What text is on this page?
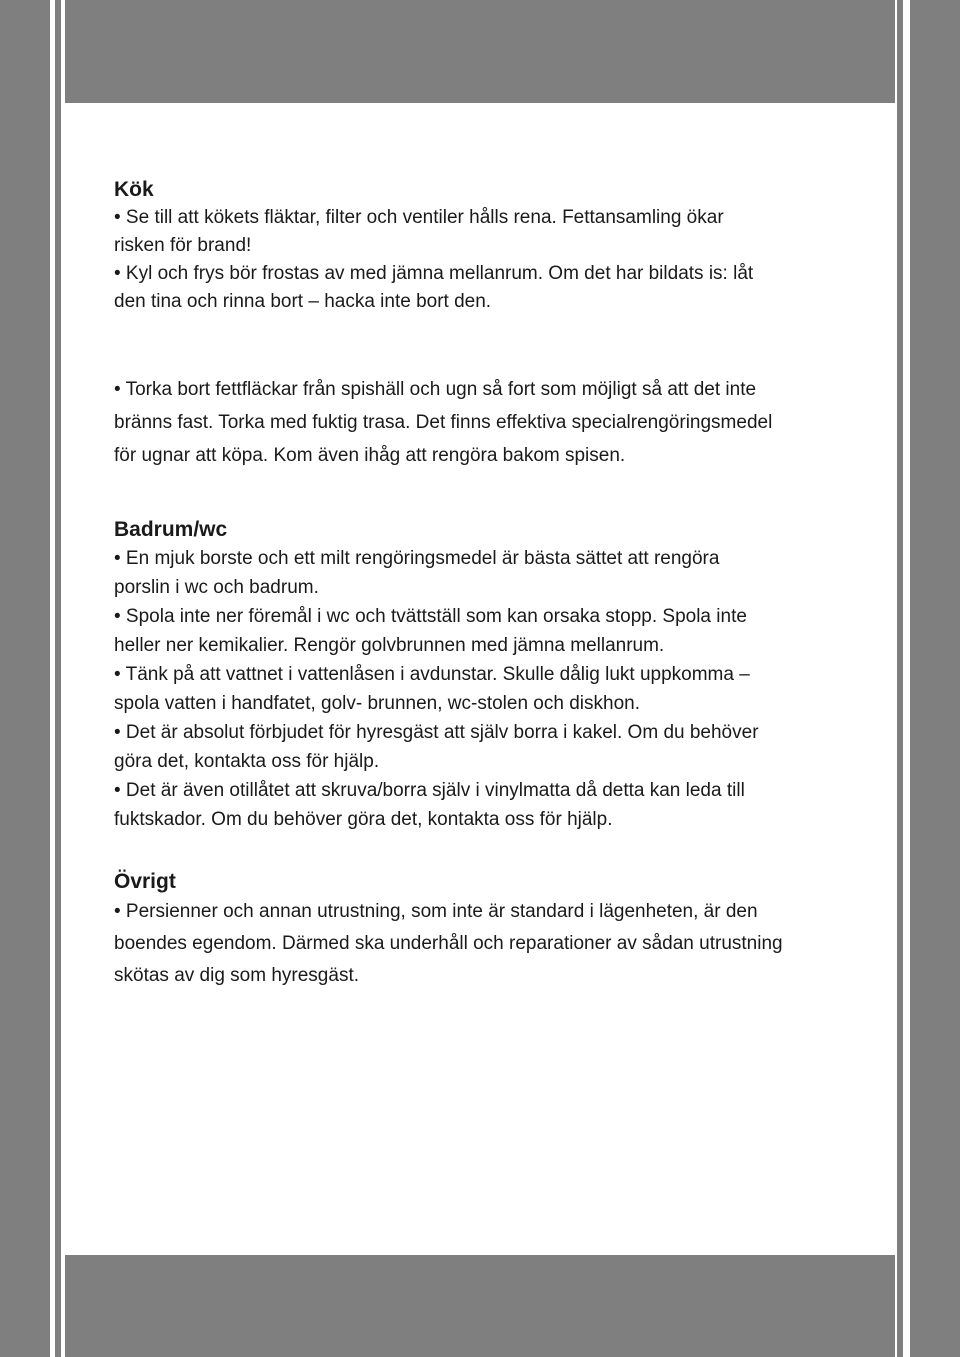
Kök

• Se till att kökets fläktar, filter och ventiler hålls rena. Fettansamling ökar

risken för brand!

• Kyl och frys bör frostas av med jämna mellanrum. Om det har bildats is: låt

den tina och rinna bort – hacka inte bort den.

• Torka bort fettfläckar från spishäll och ugn så fort som möjligt så att det inte

bränns fast. Torka med fuktig trasa. Det finns effektiva specialrengöringsmedel

för ugnar att köpa. Kom även ihåg att rengöra bakom spisen.

Badrum/wc

• En mjuk borste och ett milt rengöringsmedel är bästa sättet att rengöra

porslin i wc och badrum.

• Spola inte ner föremål i wc och tvättställ som kan orsaka stopp. Spola inte

heller ner kemikalier. Rengör golvbrunnen med jämna mellanrum.

• Tänk på att vattnet i vattenlåsen i avdunstar. Skulle dålig lukt uppkomma –

spola vatten i handfatet, golv- brunnen, wc-stolen och diskhon.

• Det är absolut förbjudet för hyresgäst att själv borra i kakel. Om du behöver

göra det, kontakta oss för hjälp.

• Det är även otillåtet att skruva/borra själv i vinylmatta då detta kan leda till

fuktskador. Om du behöver göra det, kontakta oss för hjälp.

Övrigt

• Persienner och annan utrustning, som inte är standard i lägenheten, är den

boendes egendom. Därmed ska underhåll och reparationer av sådan utrustning

skötas av dig som hyresgäst.
